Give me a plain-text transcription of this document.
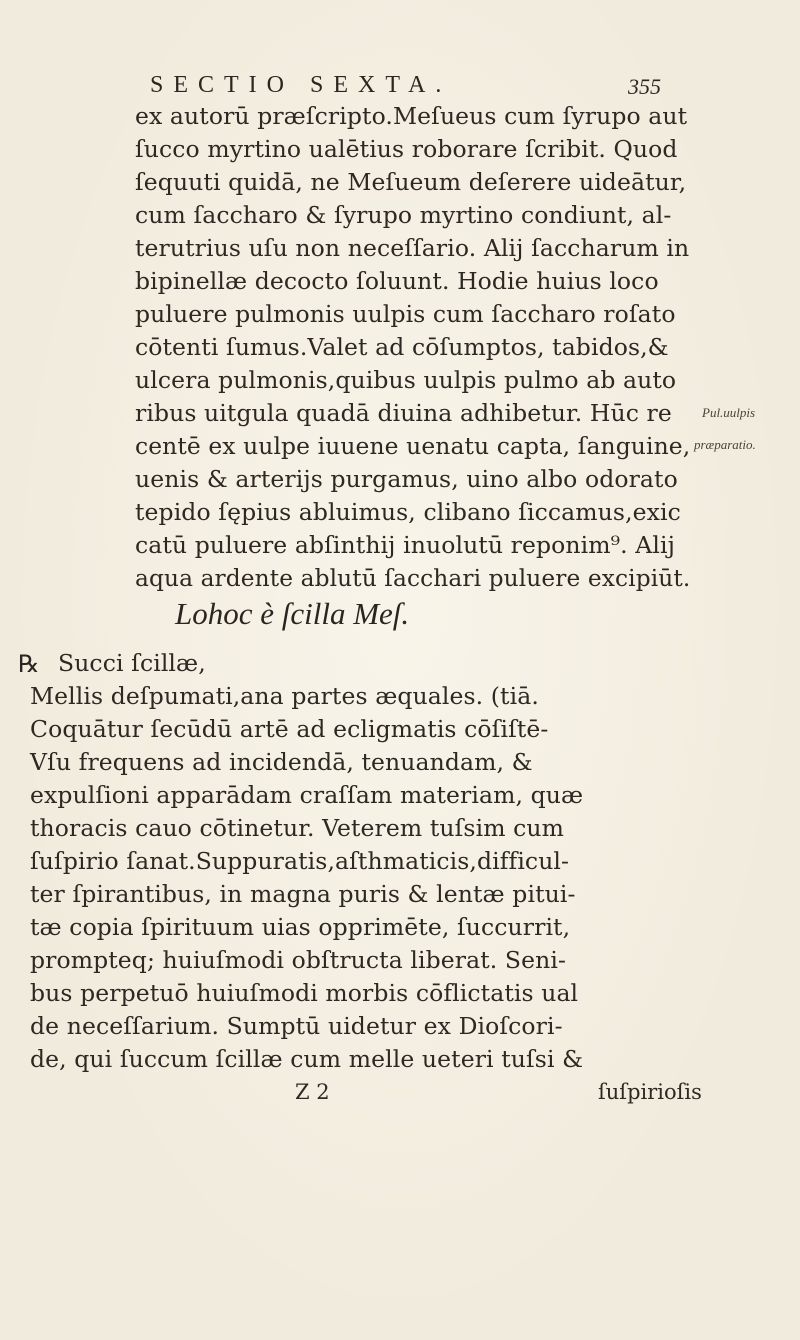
SECTIO SEXTA.	355
ex autorū præſcripto.Meſueus cum ſyrupo aut
ſucco myrtino ualētius roborare ſcribit. Quod
ſequuti quidā, ne Meſueum deſerere uideātur,
cum ſaccharo & ſyrupo myrtino condiunt, al-
terutrius uſu non neceſſario. Alij ſaccharum in
bipinellæ decocto ſoluunt. Hodie huius loco
puluere pulmonis uulpis cum ſaccharo roſato
cōtenti ſumus.Valet ad cōſumptos, tabidos,&
ulcera pulmonis,quibus uulpis pulmo ab auto
ribus uitgula quadā diuina adhibetur. Hūc re
centē ex uulpe iuuene uenatu capta, ſanguine,
uenis & arterijs purgamus, uino albo odorato
tepido ſępius abluimus, clibano ſiccamus,exic
catū puluere abſinthij inuolutū reponim⁹. Alij
aqua ardente ablutū ſacchari puluere excipiūt.
Pul.uulpis
præparatio.
Lohoc è ſcilla Meſ.
℞ Succi ſcillæ,
Mellis deſpumati,ana partes æquales. (tiā.
Coquātur ſecūdū artē ad ecligmatis cōſiſtē-
Vſu frequens ad incidendā, tenuandam, &
expulſioni apparādam craſſam materiam, quæ
thoracis cauo cōtinetur. Veterem tuſsim cum
ſuſpirio ſanat.Suppuratis,aſthmaticis,difficul-
ter ſpirantibus, in magna puris & lentæ pitui-
tæ copia ſpirituum uias opprimēte, ſuccurrit,
prompteq; huiuſmodi obſtructa liberat. Seni-
bus perpetuō huiuſmodi morbis cōflictatis ual
de neceſſarium. Sumptū uidetur ex Dioſcori-
de, qui ſuccum ſcillæ cum melle ueteri tuſsi &
Z 2	ſuſpirioſis
